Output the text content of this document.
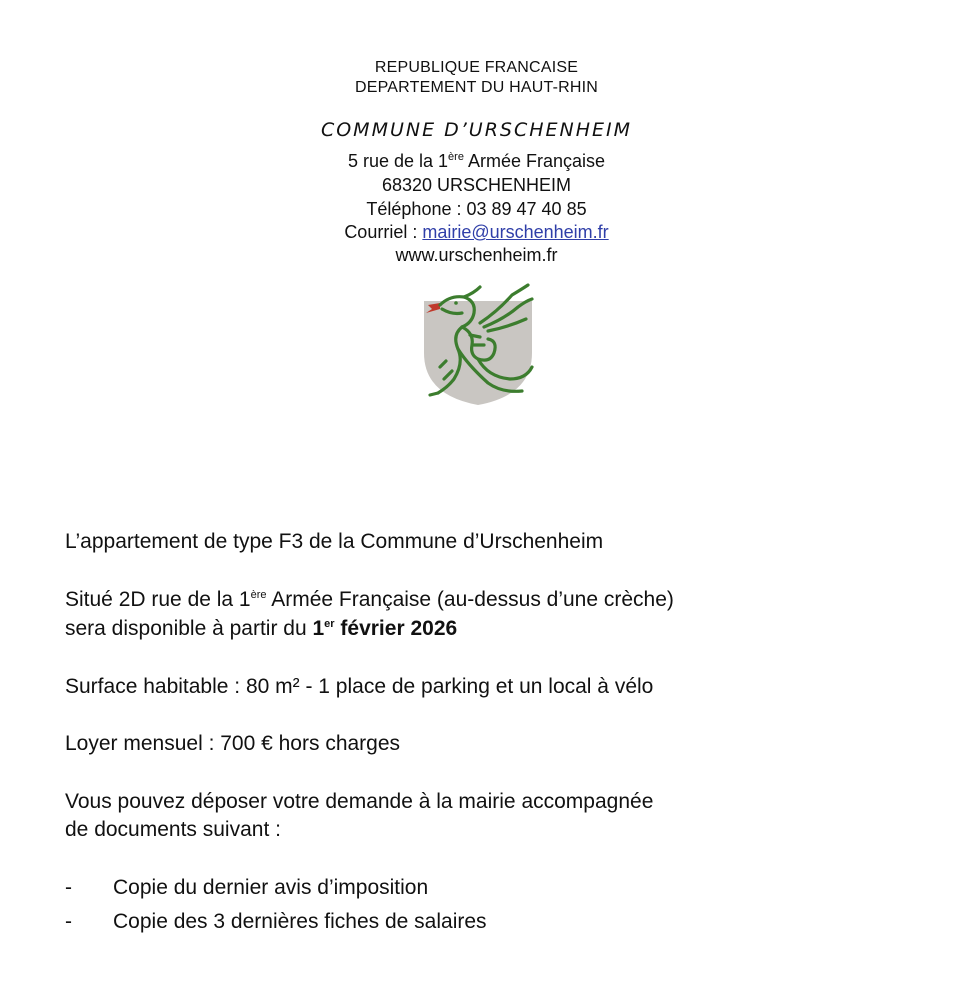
REPUBLIQUE FRANCAISE
DEPARTEMENT DU HAUT-RHIN
COMMUNE D’URSCHENHEIM
5 rue de la 1ère Armée Française
68320 URSCHENHEIM
Téléphone : 03 89 47 40 85
Courriel : mairie@urschenheim.fr
www.urschenheim.fr
L’appartement de type F3 de la Commune d’Urschenheim
Situé 2D rue de la 1ère Armée Française (au-dessus d’une crèche)
sera disponible à partir du 1er février 2026
Surface habitable : 80 m² - 1 place de parking et un local à vélo
Loyer mensuel : 700 € hors charges
Vous pouvez déposer votre demande à la mairie accompagnée
de documents suivant :
- Copie du dernier avis d’imposition
- Copie des 3 dernières fiches de salaires
